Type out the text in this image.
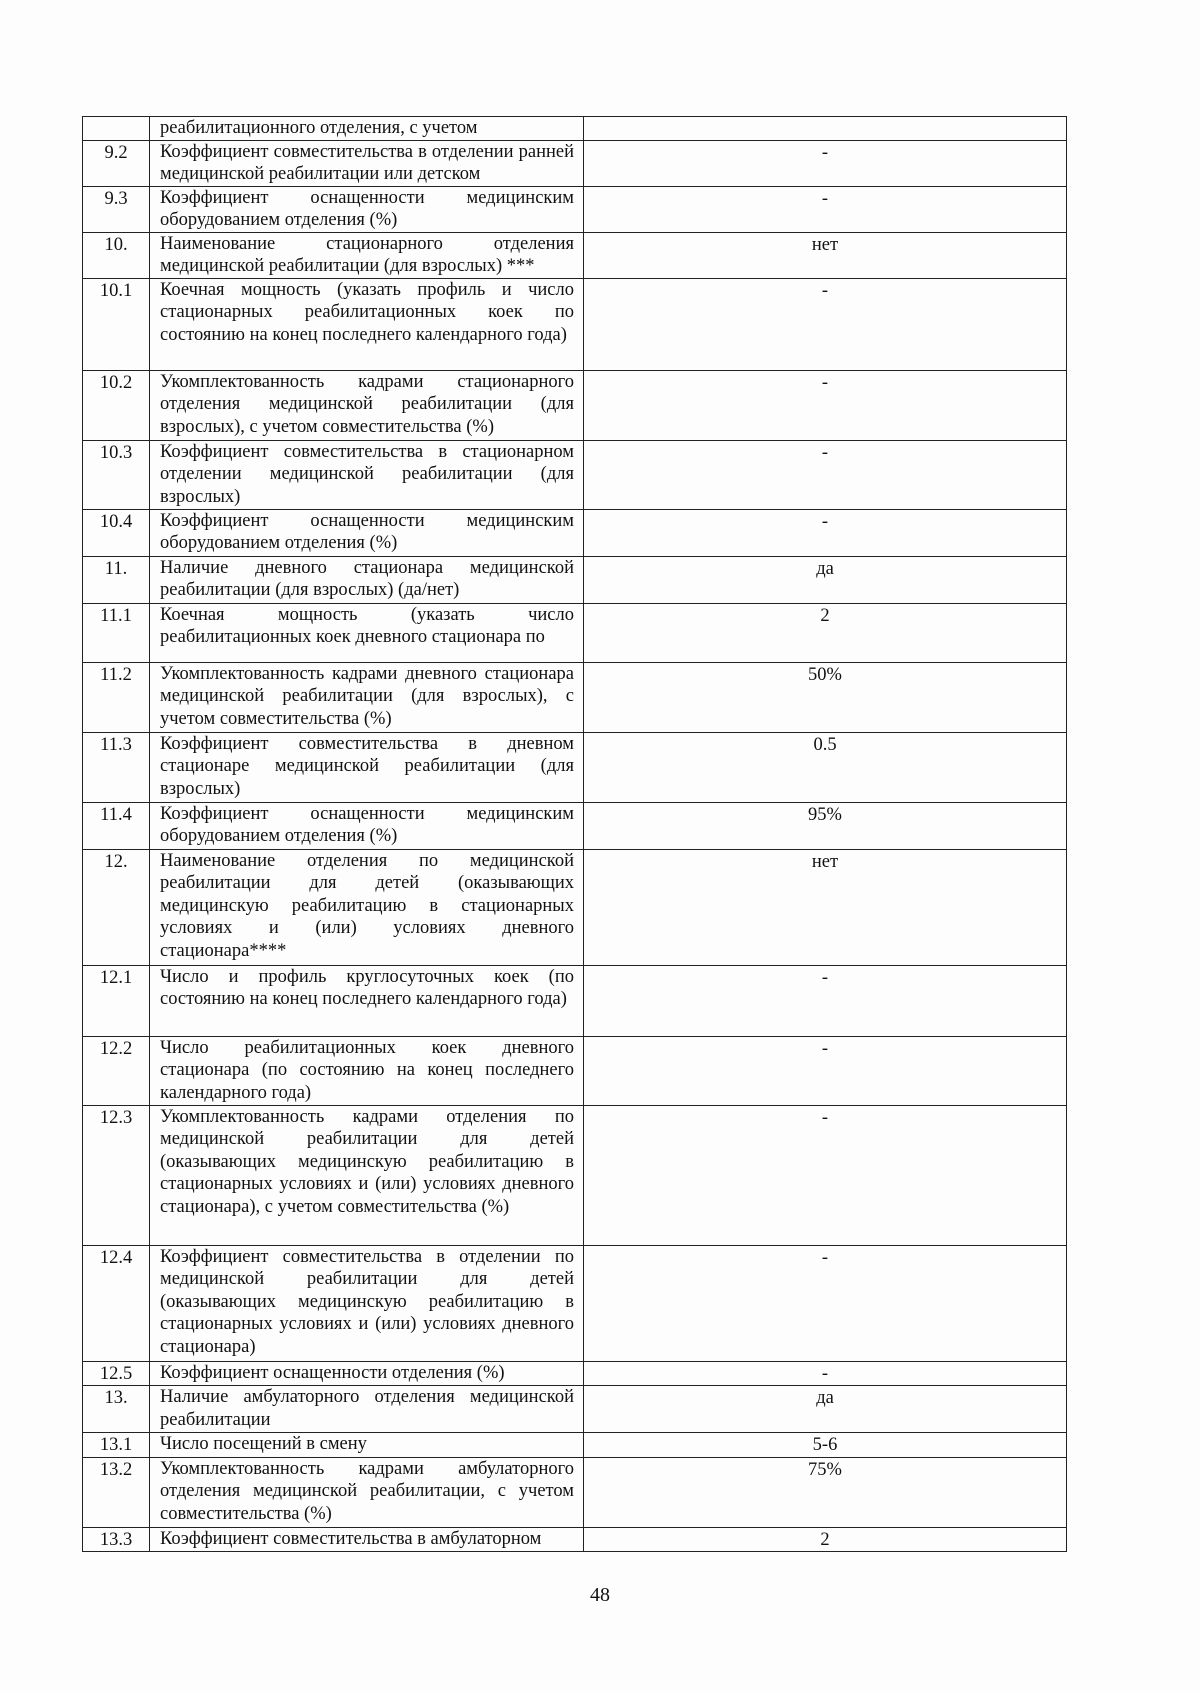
	реабилитационного отделения, с учетом	
9.2	Коэффициент совместительства в отделении ранней медицинской реабилитации или детском	-
9.3	Коэффициент оснащенности медицинским оборудованием отделения (%)	-
10.	Наименование стационарного отделения медицинской реабилитации (для взрослых) ***	нет
10.1	Коечная мощность (указать профиль и число стационарных реабилитационных коек по состоянию на конец последнего календарного года)	-
10.2	Укомплектованность кадрами стационарного отделения медицинской реабилитации (для взрослых), с учетом совместительства (%)	-
10.3	Коэффициент совместительства в стационарном отделении медицинской реабилитации (для взрослых)	-
10.4	Коэффициент оснащенности медицинским оборудованием отделения (%)	-
11.	Наличие дневного стационара медицинской реабилитации (для взрослых) (да/нет)	да
11.1	Коечная мощность (указать число реабилитационных коек дневного стационара по	2
11.2	Укомплектованность кадрами дневного стационара медицинской реабилитации (для взрослых), с учетом совместительства (%)	50%
11.3	Коэффициент совместительства в дневном стационаре медицинской реабилитации (для взрослых)	0.5
11.4	Коэффициент оснащенности медицинским оборудованием отделения (%)	95%
12.	Наименование отделения по медицинской реабилитации для детей (оказывающих медицинскую реабилитацию в стационарных условиях и (или) условиях дневного стационара****	нет
12.1	Число и профиль круглосуточных коек (по состоянию на конец последнего календарного года)	-
12.2	Число реабилитационных коек дневного стационара (по состоянию на конец последнего календарного года)	-
12.3	Укомплектованность кадрами отделения по медицинской реабилитации для детей (оказывающих медицинскую реабилитацию в стационарных условиях и (или) условиях дневного стационара), с учетом совместительства (%)	-
12.4	Коэффициент совместительства в отделении по медицинской реабилитации для детей (оказывающих медицинскую реабилитацию в стационарных условиях и (или) условиях дневного стационара)	-
12.5	Коэффициент оснащенности отделения (%)	-
13.	Наличие амбулаторного отделения медицинской реабилитации	да
13.1	Число посещений в смену	5-6
13.2	Укомплектованность кадрами амбулаторного отделения медицинской реабилитации, с учетом совместительства (%)	75%
13.3	Коэффициент совместительства в амбулаторном	2
48
